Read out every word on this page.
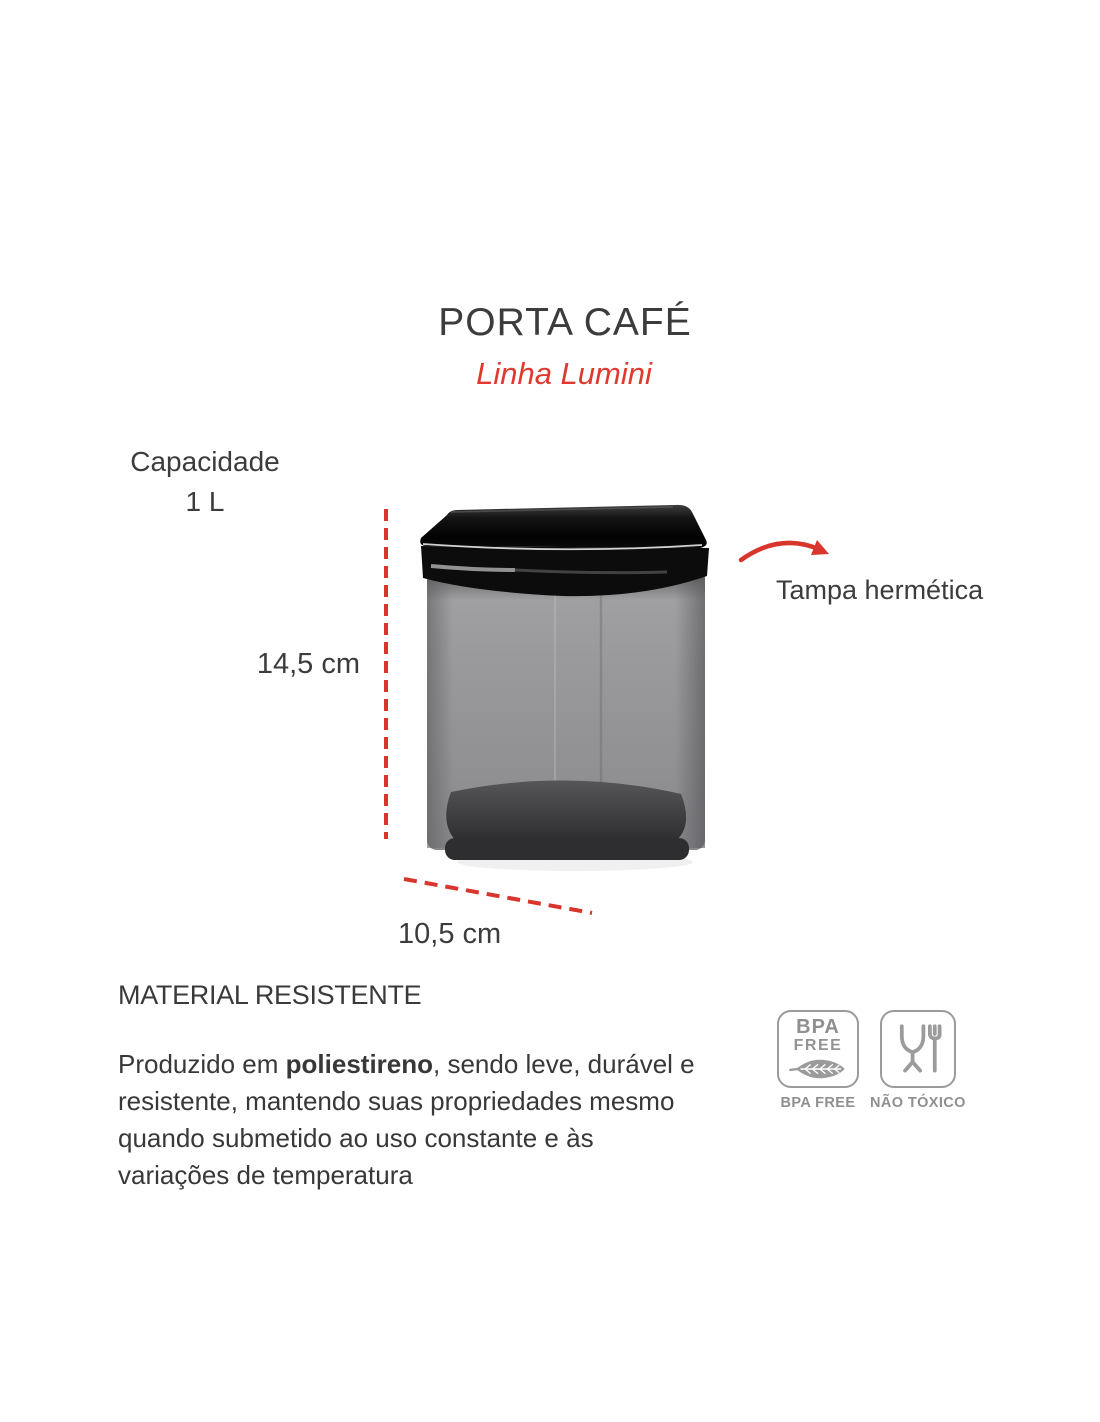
PORTA CAFÉ
Linha Lumini
Capacidade
1 L
14,5 cm
Tampa hermética
10,5 cm
MATERIAL RESISTENTE
Produzido em poliestireno, sendo leve, durável e
resistente, mantendo suas propriedades mesmo
quando submetido ao uso constante e às
variações de temperatura
BPA
FREE
BPA FREE NÃO TÓXICO
